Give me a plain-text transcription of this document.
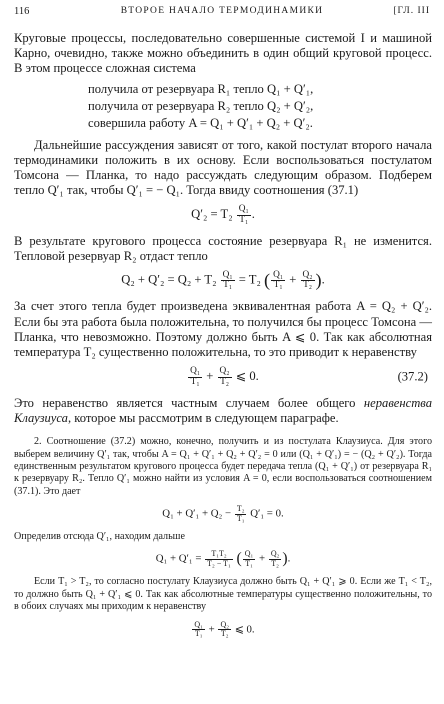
116	ВТОРОЕ НАЧАЛО ТЕРМОДИНАМИКИ	[ГЛ. III

Круговые процессы, последовательно совершенные системой I и машиной Карно, очевидно, также можно объединить в один общий круговой процесс. В этом процессе сложная система

получила от резервуара R₁ тепло Q₁ + Q′₁,
получила от резервуара R₂ тепло Q₂ + Q′₂,
совершила работу A = Q₁ + Q′₁ + Q₂ + Q′₂.

Дальнейшие рассуждения зависят от того, какой постулат второго начала термодинамики положить в их основу. Если воспользоваться постулатом Томсона — Планка, то надо рассуждать следующим образом. Подберем тепло Q′₁ так, чтобы Q′₁ = − Q₁. Тогда ввиду соотношения (37.1)

$Q'_2 = T_2 \frac{\text{Q₁}}{\text{T₁}}$ .

В результате кругового процесса состояние резервуара R₁ не изменится. Тепловой резервуар R₂ отдаст тепло

$Q_2 + Q'_2 = Q_2 + T_2 \frac{\text{Q₁}}{\text{T₁}} = T_2$ ( $\frac{\text{Q₁}}{\text{T₁}} + \frac{\text{Q₂}}{\text{T₂}}$ ).

За счет этого тепла будет произведена эквивалентная работа A = Q₂ + Q′₂. Если бы эта работа была положительна, то получился бы процесс Томсона — Планка, что невозможно. Поэтому должно быть A ⩽ 0. Так как абсолютная температура T₂ существенно положительна, то это приводит к неравенству

$\frac{\text{Q₁}}{\text{T₁}} + \frac{\text{Q₂}}{\text{T₂}}$ ⩽ 0.	(37.2)

Это неравенство является частным случаем более общего неравенства Клаузиуса, которое мы рассмотрим в следующем параграфе.

2. Соотношение (37.2) можно, конечно, получить и из постулата Клаузиуса. Для этого выберем величину Q′₁ так, чтобы A = Q₁ + Q′₁ + Q₂ + Q′₂ = 0 или (Q₁ + Q′₁) = − (Q₂ + Q′₂). Тогда единственным результатом кругового процесса будет передача тепла (Q₁ + Q′₁) от резервуара R₁ к резервуару R₂. Тепло Q′₁ можно найти из условия A = 0, если воспользоваться соотношением (37.1). Это дает

$Q_1 + Q'_1 + Q_2 - \frac{\text{T₂}}{\text{T₁}} Q'_1 = 0$.

Определив отсюда Q′₁, находим дальше

$Q_1 + Q'_1 = \frac{\text{T₁T₂}}{\text{T₂ − T₁}}$ ( $\frac{\text{Q₁}}{\text{T₁}} + \frac{\text{Q₂}}{\text{T₂}}$ ).

Если T₁ > T₂, то согласно постулату Клаузиуса должно быть Q₁ + Q′₁ ⩾ 0. Если же T₁ < T₂, то должно быть Q₁ + Q′₁ ⩽ 0. Так как абсолютные температуры существенно положительны, то в обоих случаях мы приходим к неравенству

$\frac{\text{Q₁}}{\text{T₁}} + \frac{\text{Q₂}}{\text{T₂}}$ ⩽ 0.
